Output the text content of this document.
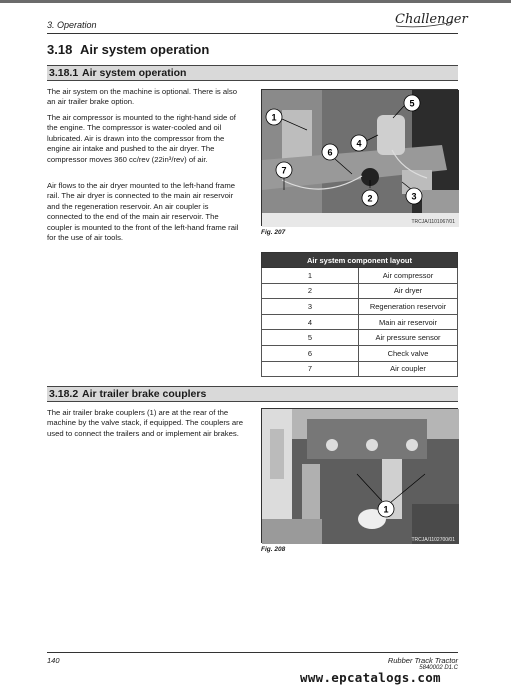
3. Operation	Challenger
3.18 Air system operation
3.18.1 Air system operation

The air system on the machine is optional. There is also an air trailer brake option.

The air compressor is mounted to the right-hand side of the engine. The compressor is water-cooled and oil lubricated. Air is drawn into the compressor from the engine air intake and pushed to the air dryer. The compressor moves 360 cc/rev (22in³/rev) of air.

Air flows to the air dryer mounted to the left-hand frame rail. The air dryer is connected to the main air reservoir and the regeneration reservoir. An air coupler is connected to the end of the main air reservoir. The coupler is mounted to the front of the left-hand frame rail for the use of air tools.

1
2	3
4
5
6
7
TRCJA/1101067/01
Fig. 207
Air system component layout	
1	Air compressor
2	Air dryer
3	Regeneration reservoir
4	Main air reservoir
5	Air pressure sensor
6	Check valve
7	Air coupler
3.18.2 Air trailer brake couplers

The air trailer brake couplers (1) are at the rear of the machine by the valve stack, if equipped. The couplers are used to connect the trailers and or implement air brakes.

1
TRCJA/1102700/01
Fig. 208
140	Rubber Track Tractor
5840002 D1.C
www.epcatalogs.com
